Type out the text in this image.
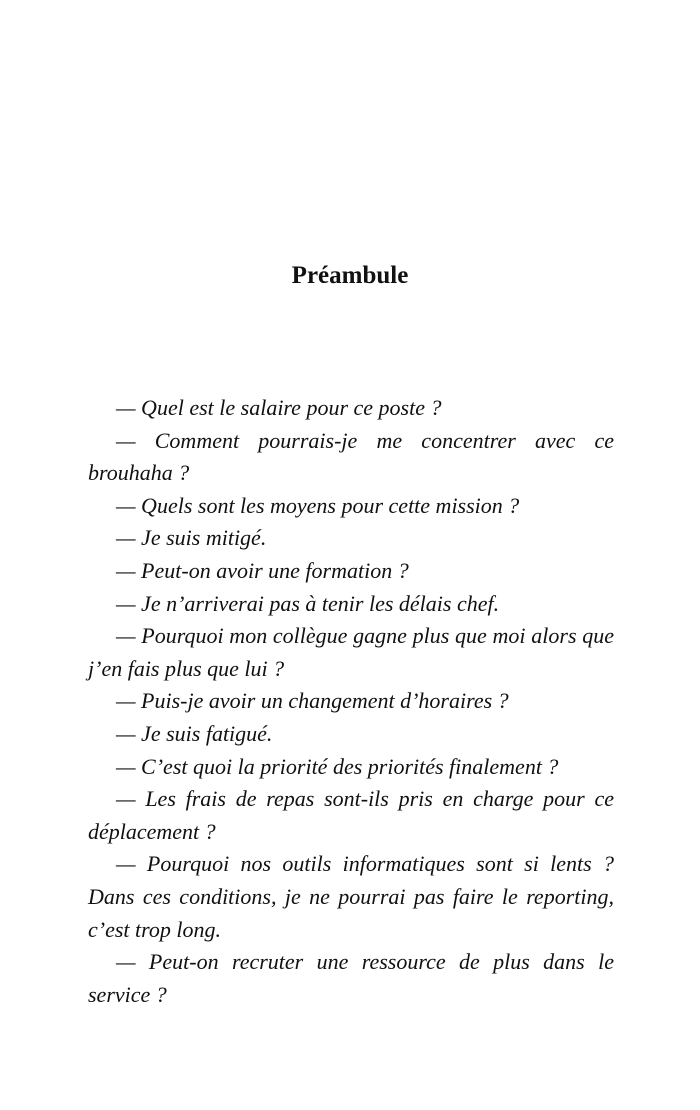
Préambule

— Quel est le salaire pour ce poste ?

— Comment pourrais-je me concentrer avec ce brouhaha ?

— Quels sont les moyens pour cette mission ?

— Je suis mitigé.

— Peut-on avoir une formation ?

— Je n’arriverai pas à tenir les délais chef.

— Pourquoi mon collègue gagne plus que moi alors que j’en fais plus que lui ?

— Puis-je avoir un changement d’horaires ?

— Je suis fatigué.

— C’est quoi la priorité des priorités finalement ?

— Les frais de repas sont-ils pris en charge pour ce déplacement ?

— Pourquoi nos outils informatiques sont si lents ? Dans ces conditions, je ne pourrai pas faire le reporting, c’est trop long.

— Peut-on recruter une ressource de plus dans le service ?
